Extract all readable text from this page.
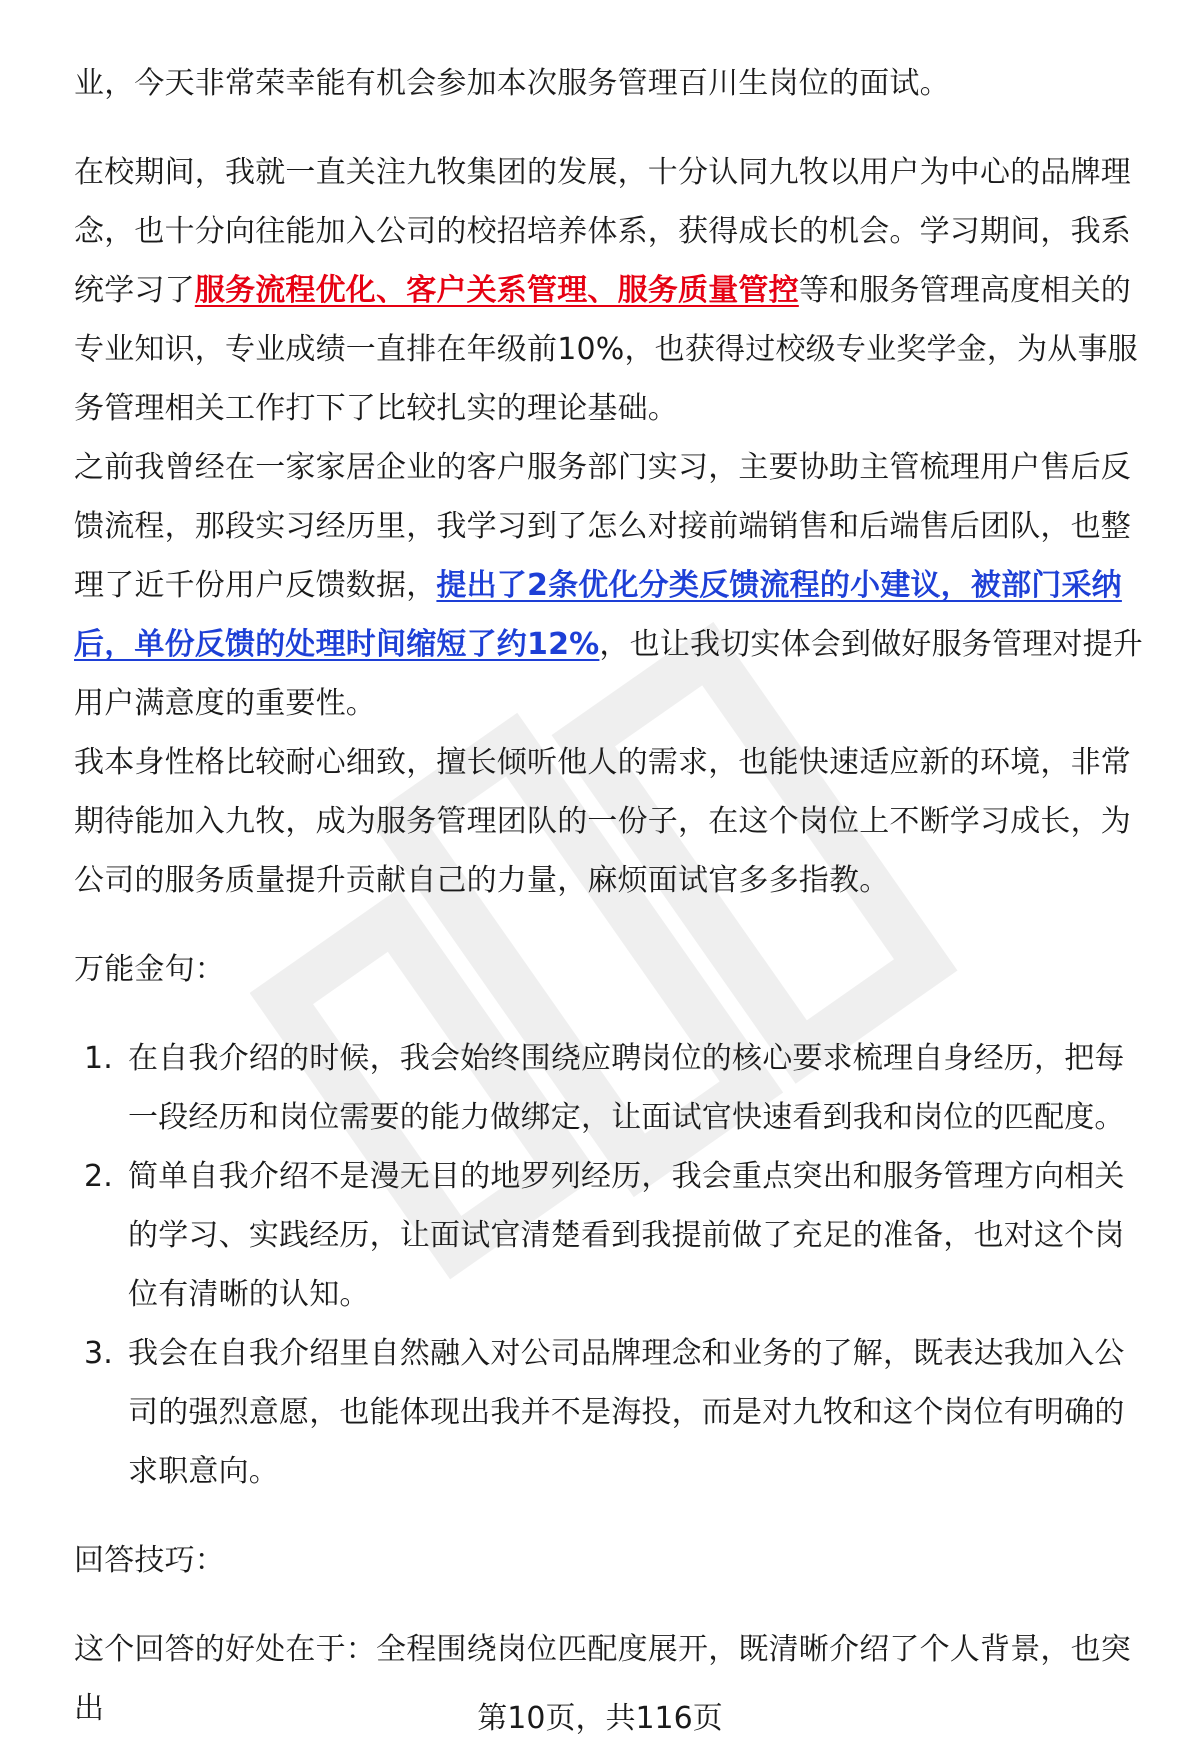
业，今天非常荣幸能有机会参加本次服务管理百川生岗位的面试。

在校期间，我就一直关注九牧集团的发展，十分认同九牧以用户为中心的品牌理念，也十分向往能加入公司的校招培养体系，获得成长的机会。学习期间，我系统学习了服务流程优化、客户关系管理、服务质量管控等和服务管理高度相关的专业知识，专业成绩一直排在年级前10%，也获得过校级专业奖学金，为从事服务管理相关工作打下了比较扎实的理论基础。

之前我曾经在一家家居企业的客户服务部门实习，主要协助主管梳理用户售后反馈流程，那段实习经历里，我学习到了怎么对接前端销售和后端售后团队，也整理了近千份用户反馈数据，提出了2条优化分类反馈流程的小建议，被部门采纳后，单份反馈的处理时间缩短了约12%，也让我切实体会到做好服务管理对提升用户满意度的重要性。

我本身性格比较耐心细致，擅长倾听他人的需求，也能快速适应新的环境，非常期待能加入九牧，成为服务管理团队的一份子，在这个岗位上不断学习成长，为公司的服务质量提升贡献自己的力量，麻烦面试官多多指教。

万能金句：

1. 在自我介绍的时候，我会始终围绕应聘岗位的核心要求梳理自身经历，把每一段经历和岗位需要的能力做绑定，让面试官快速看到我和岗位的匹配度。
2. 简单自我介绍不是漫无目的地罗列经历，我会重点突出和服务管理方向相关的学习、实践经历，让面试官清楚看到我提前做了充足的准备，也对这个岗位有清晰的认知。
3. 我会在自我介绍里自然融入对公司品牌理念和业务的了解，既表达我加入公司的强烈意愿，也能体现出我并不是海投，而是对九牧和这个岗位有明确的求职意向。

回答技巧：

这个回答的好处在于：全程围绕岗位匹配度展开，既清晰介绍了个人背景，也突出	第10页，共116页
